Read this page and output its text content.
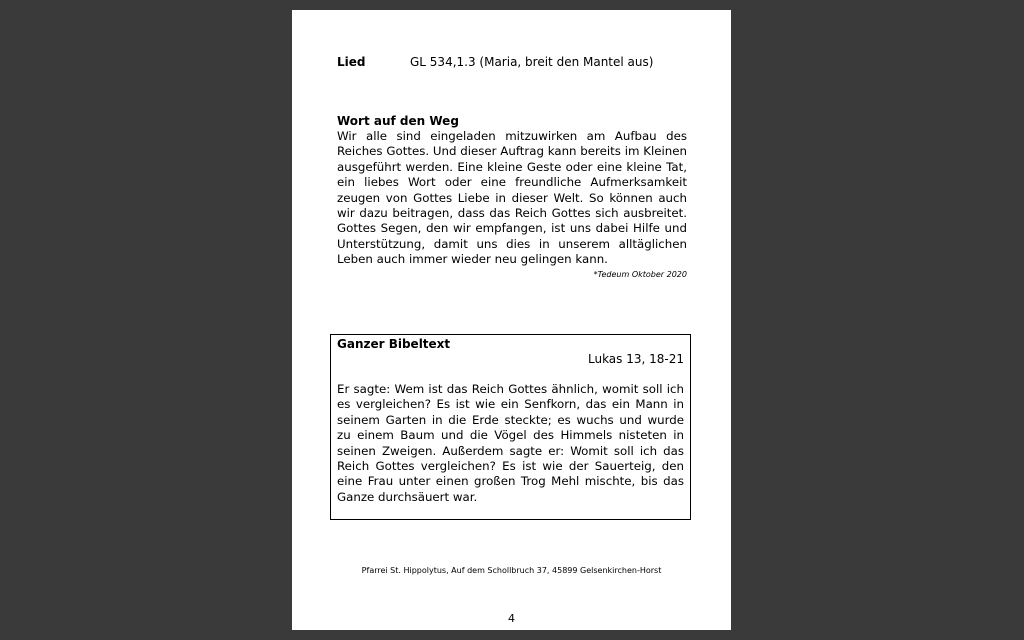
Lied	GL 534,1.3 (Maria, breit den Mantel aus)
Wort auf den Weg

Wir alle sind eingeladen mitzuwirken am Aufbau des Reiches Gottes. Und dieser Auftrag kann bereits im Kleinen ausgeführt werden. Eine kleine Geste oder eine kleine Tat, ein liebes Wort oder eine freundliche Aufmerksamkeit zeugen von Gottes Liebe in dieser Welt. So können auch wir dazu beitragen, dass das Reich Gottes sich ausbreitet. Gottes Segen, den wir empfangen, ist uns dabei Hilfe und Unterstützung, damit uns dies in unserem alltäglichen Leben auch immer wieder neu gelingen kann.

*Tedeum Oktober 2020
Ganzer Bibeltext
Lukas 13, 18-21

Er sagte: Wem ist das Reich Gottes ähnlich, womit soll ich es vergleichen? Es ist wie ein Senfkorn, das ein Mann in seinem Garten in die Erde steckte; es wuchs und wurde zu einem Baum und die Vögel des Himmels nisteten in seinen Zweigen. Außerdem sagte er: Womit soll ich das Reich Gottes vergleichen? Es ist wie der Sauerteig, den eine Frau unter einen großen Trog Mehl mischte, bis das Ganze durchsäuert war.

Pfarrei St. Hippolytus, Auf dem Schollbruch 37, 45899 Gelsenkirchen-Horst
4
